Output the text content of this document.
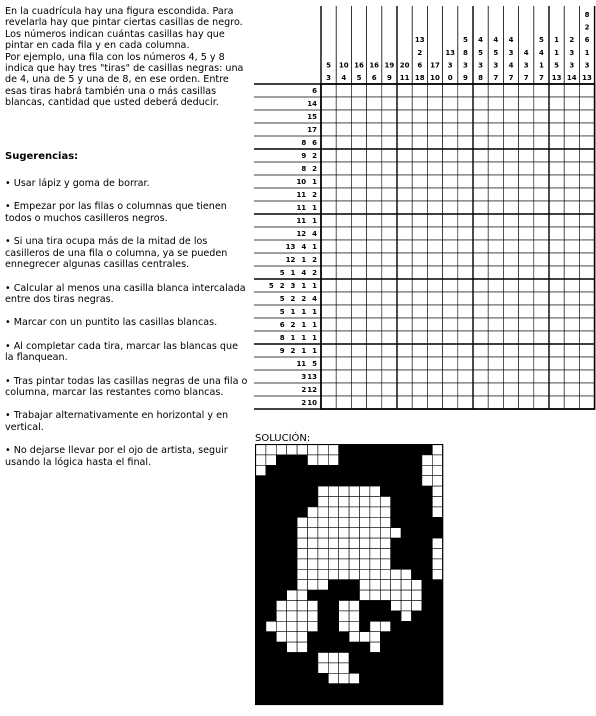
En la cuadrícula hay una figura escondida. Para revelarla hay que pintar ciertas casillas de negro.

Los números indican cuántas casillas hay que pintar en cada fila y en cada columna.

Por ejemplo, una fila con los números 4, 5 y 8 indica que hay tres "tiras" de casillas negras: una de 4, una de 5 y una de 8, en ese orden. Entre esas tiras habrá también una o más casillas blancas, cantidad que usted deberá deducir.

Sugerencias:

• Usar lápiz y goma de borrar.

• Empezar por las filas o columnas que tienen todos o muchos casilleros negros.

• Si una tira ocupa más de la mitad de los casilleros de una fila o columna, ya se pueden ennegrecer algunas casillas centrales.

• Calcular al menos una casilla blanca intercalada entre dos tiras negras.

• Marcar con un puntito las casillas blancas.

• Al completar cada tira, marcar las blancas que la flanquean.

• Tras pintar todas las casillas negras de una fila o columna, marcar las restantes como blancas.

• Trabajar alternativamente en horizontal y en vertical.

• No dejarse llevar por el ojo de artista, seguir usando la lógica hasta el final.

5
3
10
4
16
5
16
6
19
9
20
11
13
2
6
18
17
10
13
3
0
5
8
3
9
4
5
3
8
4
5
3
7
4
3
4
7
4
3
7
5
4
1
7
1
1
5
13
2
3
3
14
8
2
6
1
3
13
6
14
15
17
8 6
9 2
8 2
10 1
11 2
11 1
11 1
12 4
13 4 1
12 1 2
5 1 4 2
5 2 3 1 1
5 2 2 4
5 1 1 1
6 2 1 1
8 1 1 1
9 2 1 1
11 5
3 13
2 12
2 10
SOLUCIÓN:
